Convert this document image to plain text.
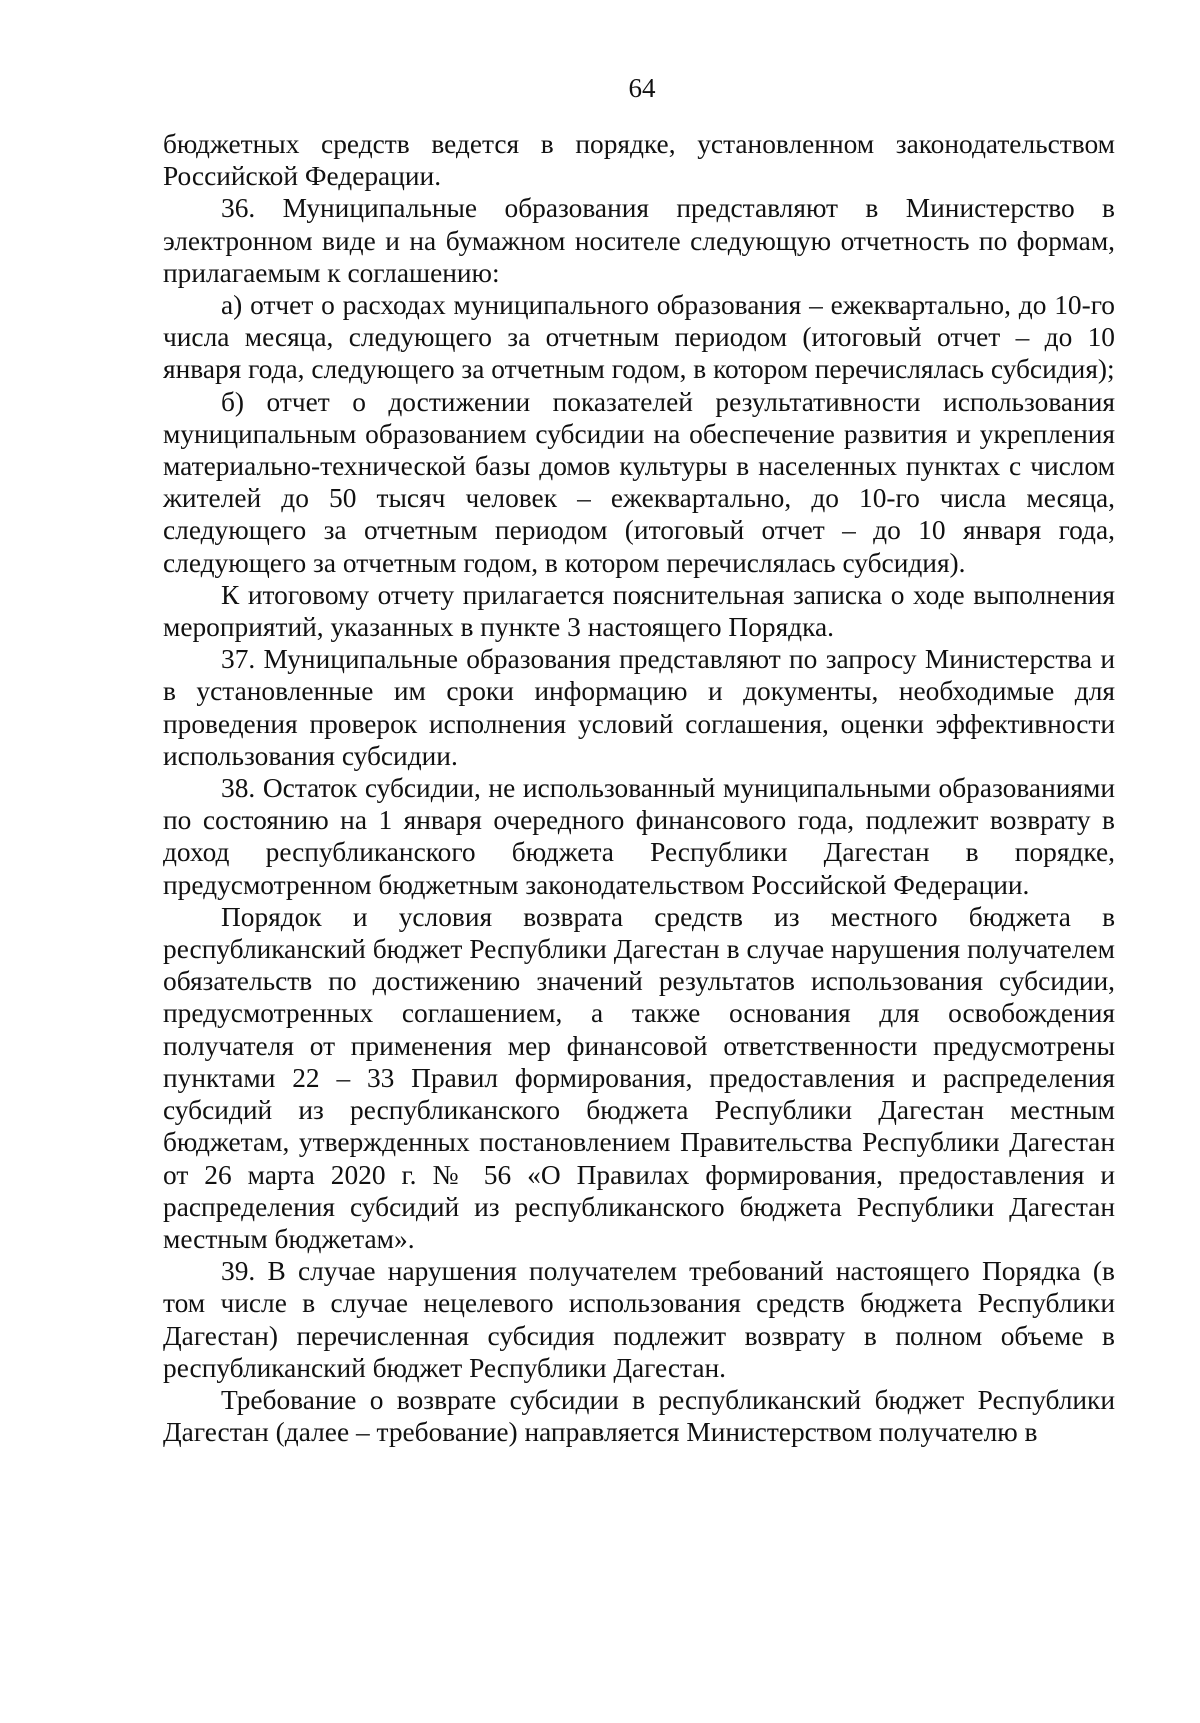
64

бюджетных средств ведется в порядке, установленном законодательством Российской Федерации.

36. Муниципальные образования представляют в Министерство в электронном виде и на бумажном носителе следующую отчетность по формам, прилагаемым к соглашению:

а) отчет о расходах муниципального образования – ежеквартально, до 10-го числа месяца, следующего за отчетным периодом (итоговый отчет – до 10 января года, следующего за отчетным годом, в котором перечислялась субсидия);

б) отчет о достижении показателей результативности использования муниципальным образованием субсидии на обеспечение развития и укрепления материально-технической базы домов культуры в населенных пунктах с числом жителей до 50 тысяч человек – ежеквартально, до 10-го числа месяца, следующего за отчетным периодом (итоговый отчет – до 10 января года, следующего за отчетным годом, в котором перечислялась субсидия).

К итоговому отчету прилагается пояснительная записка о ходе выполнения мероприятий, указанных в пункте 3 настоящего Порядка.

37. Муниципальные образования представляют по запросу Министерства и в установленные им сроки информацию и документы, необходимые для проведения проверок исполнения условий соглашения, оценки эффективности использования субсидии.

38. Остаток субсидии, не использованный муниципальными образованиями по состоянию на 1 января очередного финансового года, подлежит возврату в доход республиканского бюджета Республики Дагестан в порядке, предусмотренном бюджетным законодательством Российской Федерации.

Порядок и условия возврата средств из местного бюджета в республиканский бюджет Республики Дагестан в случае нарушения получателем обязательств по достижению значений результатов использования субсидии, предусмотренных соглашением, а также основания для освобождения получателя от применения мер финансовой ответственности предусмотрены пунктами 22 – 33 Правил формирования, предоставления и распределения субсидий из республиканского бюджета Республики Дагестан местным бюджетам, утвержденных постановлением Правительства Республики Дагестан от 26 марта 2020 г. № 56 «О Правилах формирования, предоставления и распределения субсидий из республиканского бюджета Республики Дагестан местным бюджетам».

39. В случае нарушения получателем требований настоящего Порядка (в том числе в случае нецелевого использования средств бюджета Республики Дагестан) перечисленная субсидия подлежит возврату в полном объеме в республиканский бюджет Республики Дагестан.

Требование о возврате субсидии в республиканский бюджет Республики Дагестан (далее – требование) направляется Министерством получателю в
